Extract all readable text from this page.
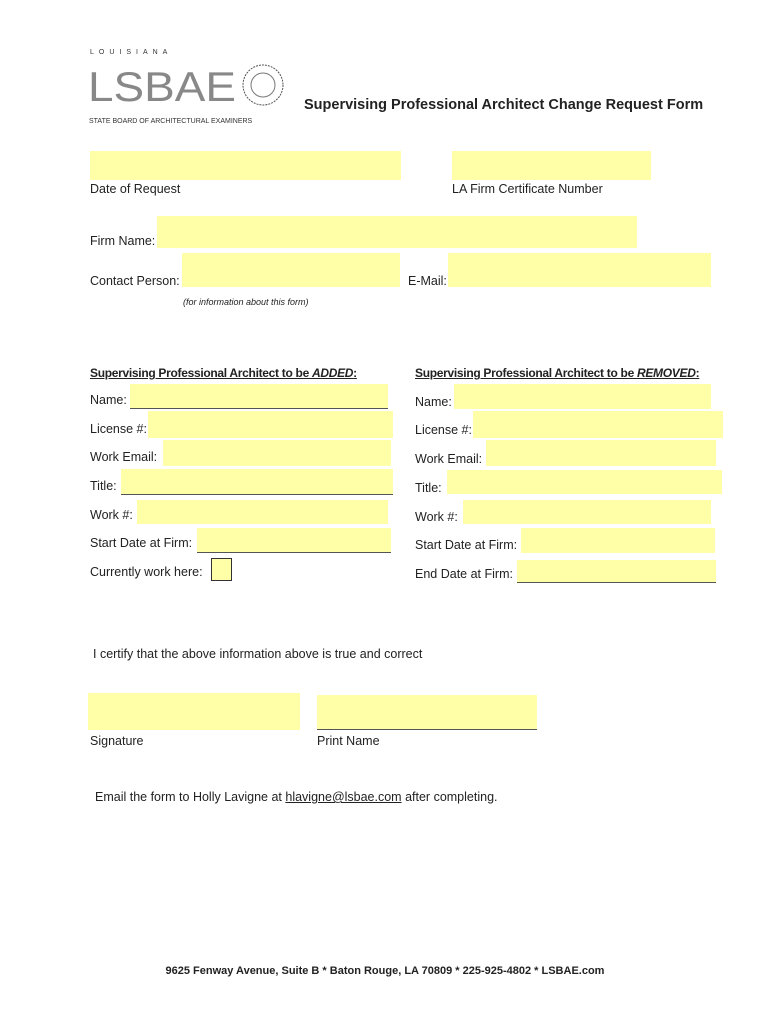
LOUISIANA
LSBAE
STATE BOARD OF ARCHITECTURAL EXAMINERS
Supervising Professional Architect Change Request Form
Date of Request	LA Firm Certificate Number
Firm Name:
Contact Person:	E-Mail:
(for information about this form)
Supervising Professional Architect to be ADDED:
Name:
License #:
Work Email:
Title:
Work #:
Start Date at Firm:
Currently work here:
Supervising Professional Architect to be REMOVED:
Name:
License #:
Work Email:
Title:
Work #:
Start Date at Firm:
End Date at Firm:
I certify that the above information above is true and correct
Signature	Print Name
Email the form to Holly Lavigne at hlavigne@lsbae.com after completing.
9625 Fenway Avenue, Suite B * Baton Rouge, LA 70809 * 225-925-4802 * LSBAE.com
